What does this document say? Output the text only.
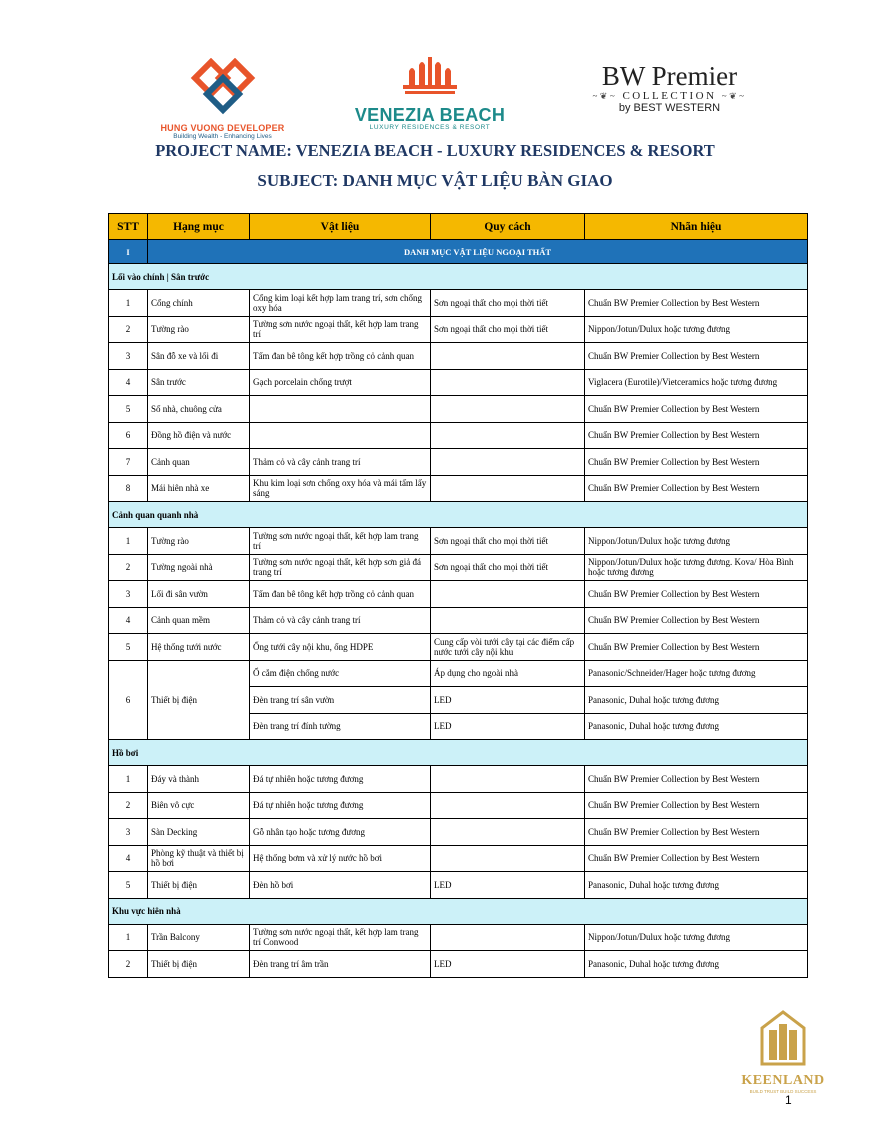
HUNG VUONG DEVELOPER
Building Wealth - Enhancing Lives
VENEZIA BEACH
LUXURY RESIDENCES & RESORT
BW Premier
~❦~ COLLECTION ~❦~
by BEST WESTERN
PROJECT NAME: VENEZIA BEACH - LUXURY RESIDENCES & RESORT
SUBJECT: DANH MỤC VẬT LIỆU BÀN GIAO
STT	Hạng mục	Vật liệu	Quy cách	Nhãn hiệu
I	DANH MỤC VẬT LIỆU NGOẠI THẤT			
Lối vào chính | Sân trước				
1	Cổng chính	Cổng kim loại kết hợp lam trang trí, sơn chống oxy hóa	Sơn ngoại thất cho mọi thời tiết	Chuẩn BW Premier Collection by Best Western
2	Tường rào	Tường sơn nước ngoại thất, kết hợp lam trang trí	Sơn ngoại thất cho mọi thời tiết	Nippon/Jotun/Dulux hoặc tương đương
3	Sân đỗ xe và lối đi	Tấm đan bê tông kết hợp trồng cỏ cảnh quan		Chuẩn BW Premier Collection by Best Western
4	Sân trước	Gạch porcelain chống trượt		Viglacera (Eurotile)/Vietceramics hoặc tương đương
5	Số nhà, chuông cửa			Chuẩn BW Premier Collection by Best Western
6	Đồng hồ điện và nước			Chuẩn BW Premier Collection by Best Western
7	Cảnh quan	Thảm cỏ và cây cảnh trang trí		Chuẩn BW Premier Collection by Best Western
8	Mái hiên nhà xe	Khu kim loại sơn chống oxy hóa và mái tấm lấy sáng		Chuẩn BW Premier Collection by Best Western
Cảnh quan quanh nhà				
1	Tường rào	Tường sơn nước ngoại thất, kết hợp lam trang trí	Sơn ngoại thất cho mọi thời tiết	Nippon/Jotun/Dulux hoặc tương đương
2	Tường ngoài nhà	Tường sơn nước ngoại thất, kết hợp sơn giả đá trang trí	Sơn ngoại thất cho mọi thời tiết	Nippon/Jotun/Dulux hoặc tương đương. Kova/ Hòa Bình hoặc tương đương
3	Lối đi sân vườn	Tấm đan bê tông kết hợp trồng cỏ cảnh quan		Chuẩn BW Premier Collection by Best Western
4	Cảnh quan mềm	Thảm cỏ và cây cảnh trang trí		Chuẩn BW Premier Collection by Best Western
5	Hệ thống tưới nước	Ống tưới cây nội khu, ống HDPE	Cung cấp vòi tưới cây tại các điểm cấp nước tưới cây nội khu	Chuẩn BW Premier Collection by Best Western
6	Thiết bị điện	Ổ cắm điện chống nước	Áp dụng cho ngoài nhà	Panasonic/Schneider/Hager hoặc tương đương
		Đèn trang trí sân vườn	LED	Panasonic, Duhal hoặc tương đương
		Đèn trang trí đính tường	LED	Panasonic, Duhal hoặc tương đương
Hồ bơi				
1	Đáy và thành	Đá tự nhiên hoặc tương đương		Chuẩn BW Premier Collection by Best Western
2	Biên vô cực	Đá tự nhiên hoặc tương đương		Chuẩn BW Premier Collection by Best Western
3	Sàn Decking	Gỗ nhân tạo hoặc tương đương		Chuẩn BW Premier Collection by Best Western
4	Phòng kỹ thuật và thiết bị hồ bơi	Hệ thống bơm và xử lý nước hồ bơi		Chuẩn BW Premier Collection by Best Western
5	Thiết bị điện	Đèn hồ bơi	LED	Panasonic, Duhal hoặc tương đương
Khu vực hiên nhà				
1	Trần Balcony	Tường sơn nước ngoại thất, kết hợp lam trang trí Conwood		Nippon/Jotun/Dulux hoặc tương đương
2	Thiết bị điện	Đèn trang trí âm trần	LED	Panasonic, Duhal hoặc tương đương
KEENLAND
BUILD TRUST BUILD SUCCESS
1
